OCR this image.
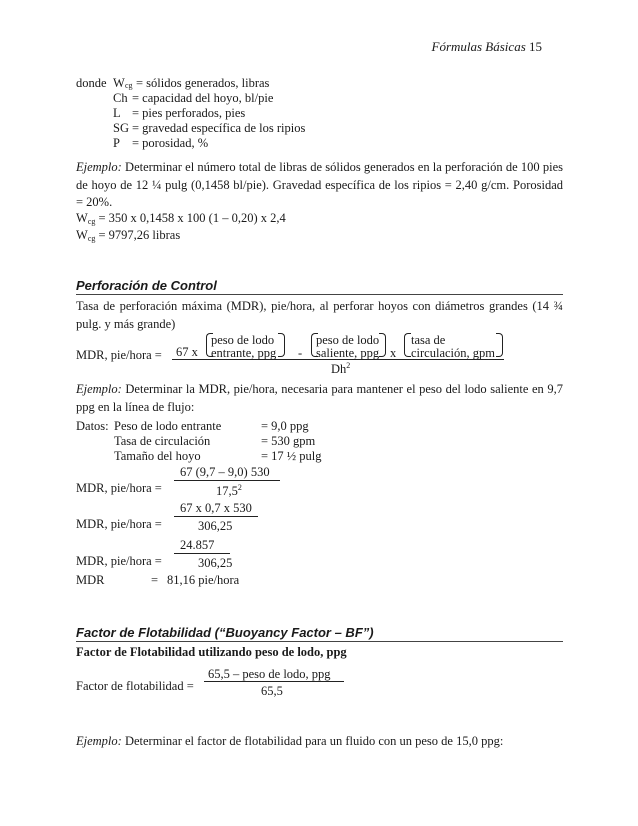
Fórmulas Básicas 15
donde W cg = sólidos generados, libras
Ch = capacidad del hoyo, bl/pie
L = pies perforados, pies
SG = gravedad específica de los ripios
P = porosidad, %
Ejemplo: Determinar el número total de libras de sólidos generados en la perforación de 100 pies de hoyo de 12 ¼ pulg (0,1458 bl/pie). Gravedad específica de los ripios = 2,40 g/cm. Porosidad = 20%.
$W_{cg} = 350$ x 0,1458 x 100 (1 – 0,20) x 2,4
$W_{cg} = 9797,26$ libras
Perforación de Control
Tasa de perforación máxima (MDR), pie/hora, al perforar hoyos con diámetros grandes (14 ¾ pulg. y más grande)
MDR, pie/hora = 67 x
peso de lodo
entrante, ppg -
peso de lodo
saliente, ppg x
tasa de
circulación, gpm
Dh$^2$
Ejemplo: Determinar la MDR, pie/hora, necesaria para mantener el peso del lodo saliente en 9,7 ppg en la línea de flujo:
Datos: Peso de lodo entrante	= 9,0 ppg
Tasa de circulación	= 530 gpm
Tamaño del hoyo	= 17 ½ pulg
MDR, pie/hora =
67 (9,7 – 9,0) 530
17,5$^2$
MDR, pie/hora =
67 x 0,7 x 530
306,25
MDR, pie/hora =
24.857
306,25
MDR	= 81,16 pie/hora
Factor de Flotabilidad (“Buoyancy Factor – BF”)
Factor de Flotabilidad utilizando peso de lodo, ppg
Factor de flotabilidad =
65,5 – peso de lodo, ppg
65,5
Ejemplo: Determinar el factor de flotabilidad para un fluido con un peso de 15,0 ppg:
